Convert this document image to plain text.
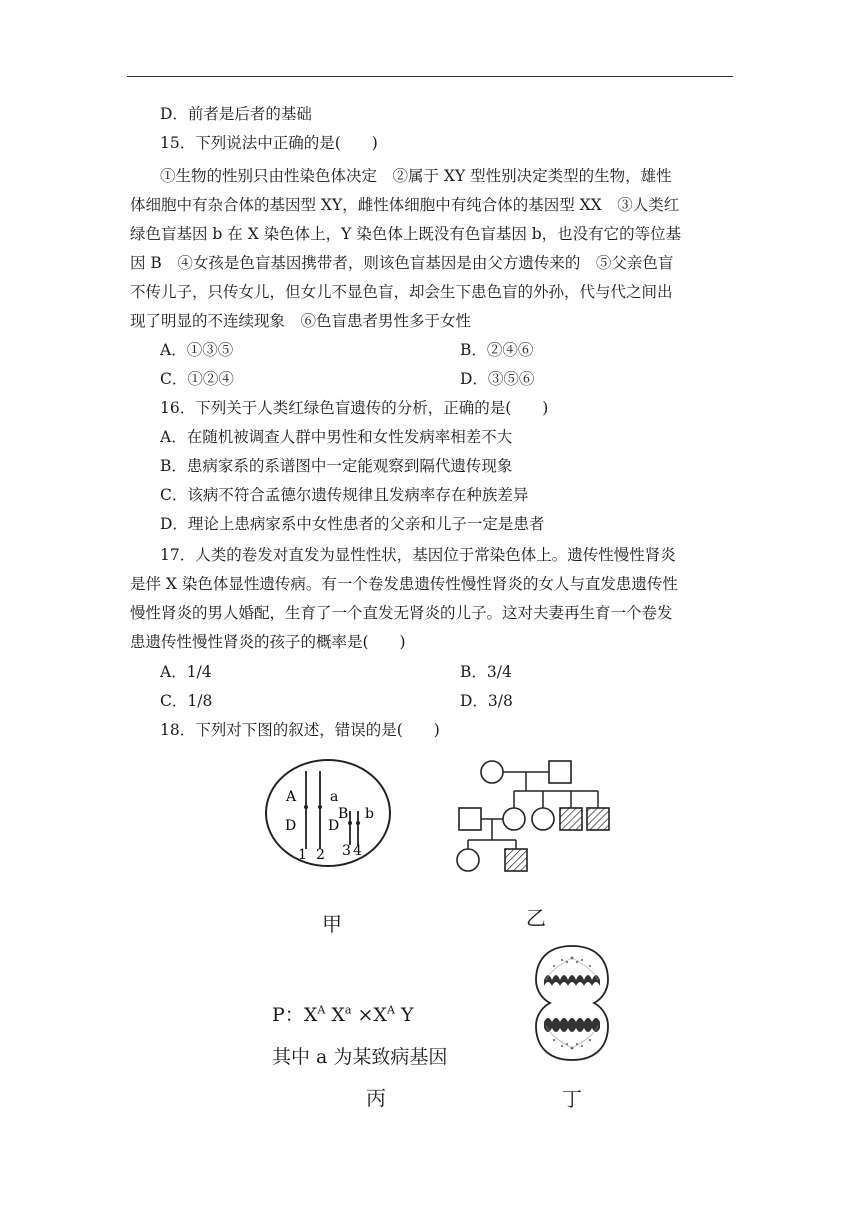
D．前者是后者的基础
15．下列说法中正确的是(　　)
①生物的性别只由性染色体决定　②属于 XY 型性别决定类型的生物，雄性
体细胞中有杂合体的基因型 XY，雌性体细胞中有纯合体的基因型 XX　③人类红
绿色盲基因 b 在 X 染色体上，Y 染色体上既没有色盲基因 b，也没有它的等位基
因 B　④女孩是色盲基因携带者，则该色盲基因是由父方遗传来的　⑤父亲色盲
不传儿子，只传女儿，但女儿不显色盲，却会生下患色盲的外孙，代与代之间出
现了明显的不连续现象　⑥色盲患者男性多于女性
A．①③⑤	B．②④⑥
C．①②④	D．③⑤⑥
16．下列关于人类红绿色盲遗传的分析，正确的是(　　)
A．在随机被调查人群中男性和女性发病率相差不大
B．患病家系的系谱图中一定能观察到隔代遗传现象
C．该病不符合孟德尔遗传规律且发病率存在种族差异
D．理论上患病家系中女性患者的父亲和儿子一定是患者
17．人类的卷发对直发为显性性状，基因位于常染色体上。遗传性慢性肾炎
是伴 X 染色体显性遗传病。有一个卷发患遗传性慢性肾炎的女人与直发患遗传性
慢性肾炎的男人婚配，生育了一个直发无肾炎的儿子。这对夫妻再生育一个卷发
患遗传性慢性肾炎的孩子的概率是(　　)
A．1/4	B．3/4
C．1/8	D．3/8
18．下列对下图的叙述，错误的是(　　)
A a
B b
D D
1 2 3 4
甲	乙
P：$X^A$ $X^a \times X^A$ Y
其中 a 为某致病基因
丙	丁
